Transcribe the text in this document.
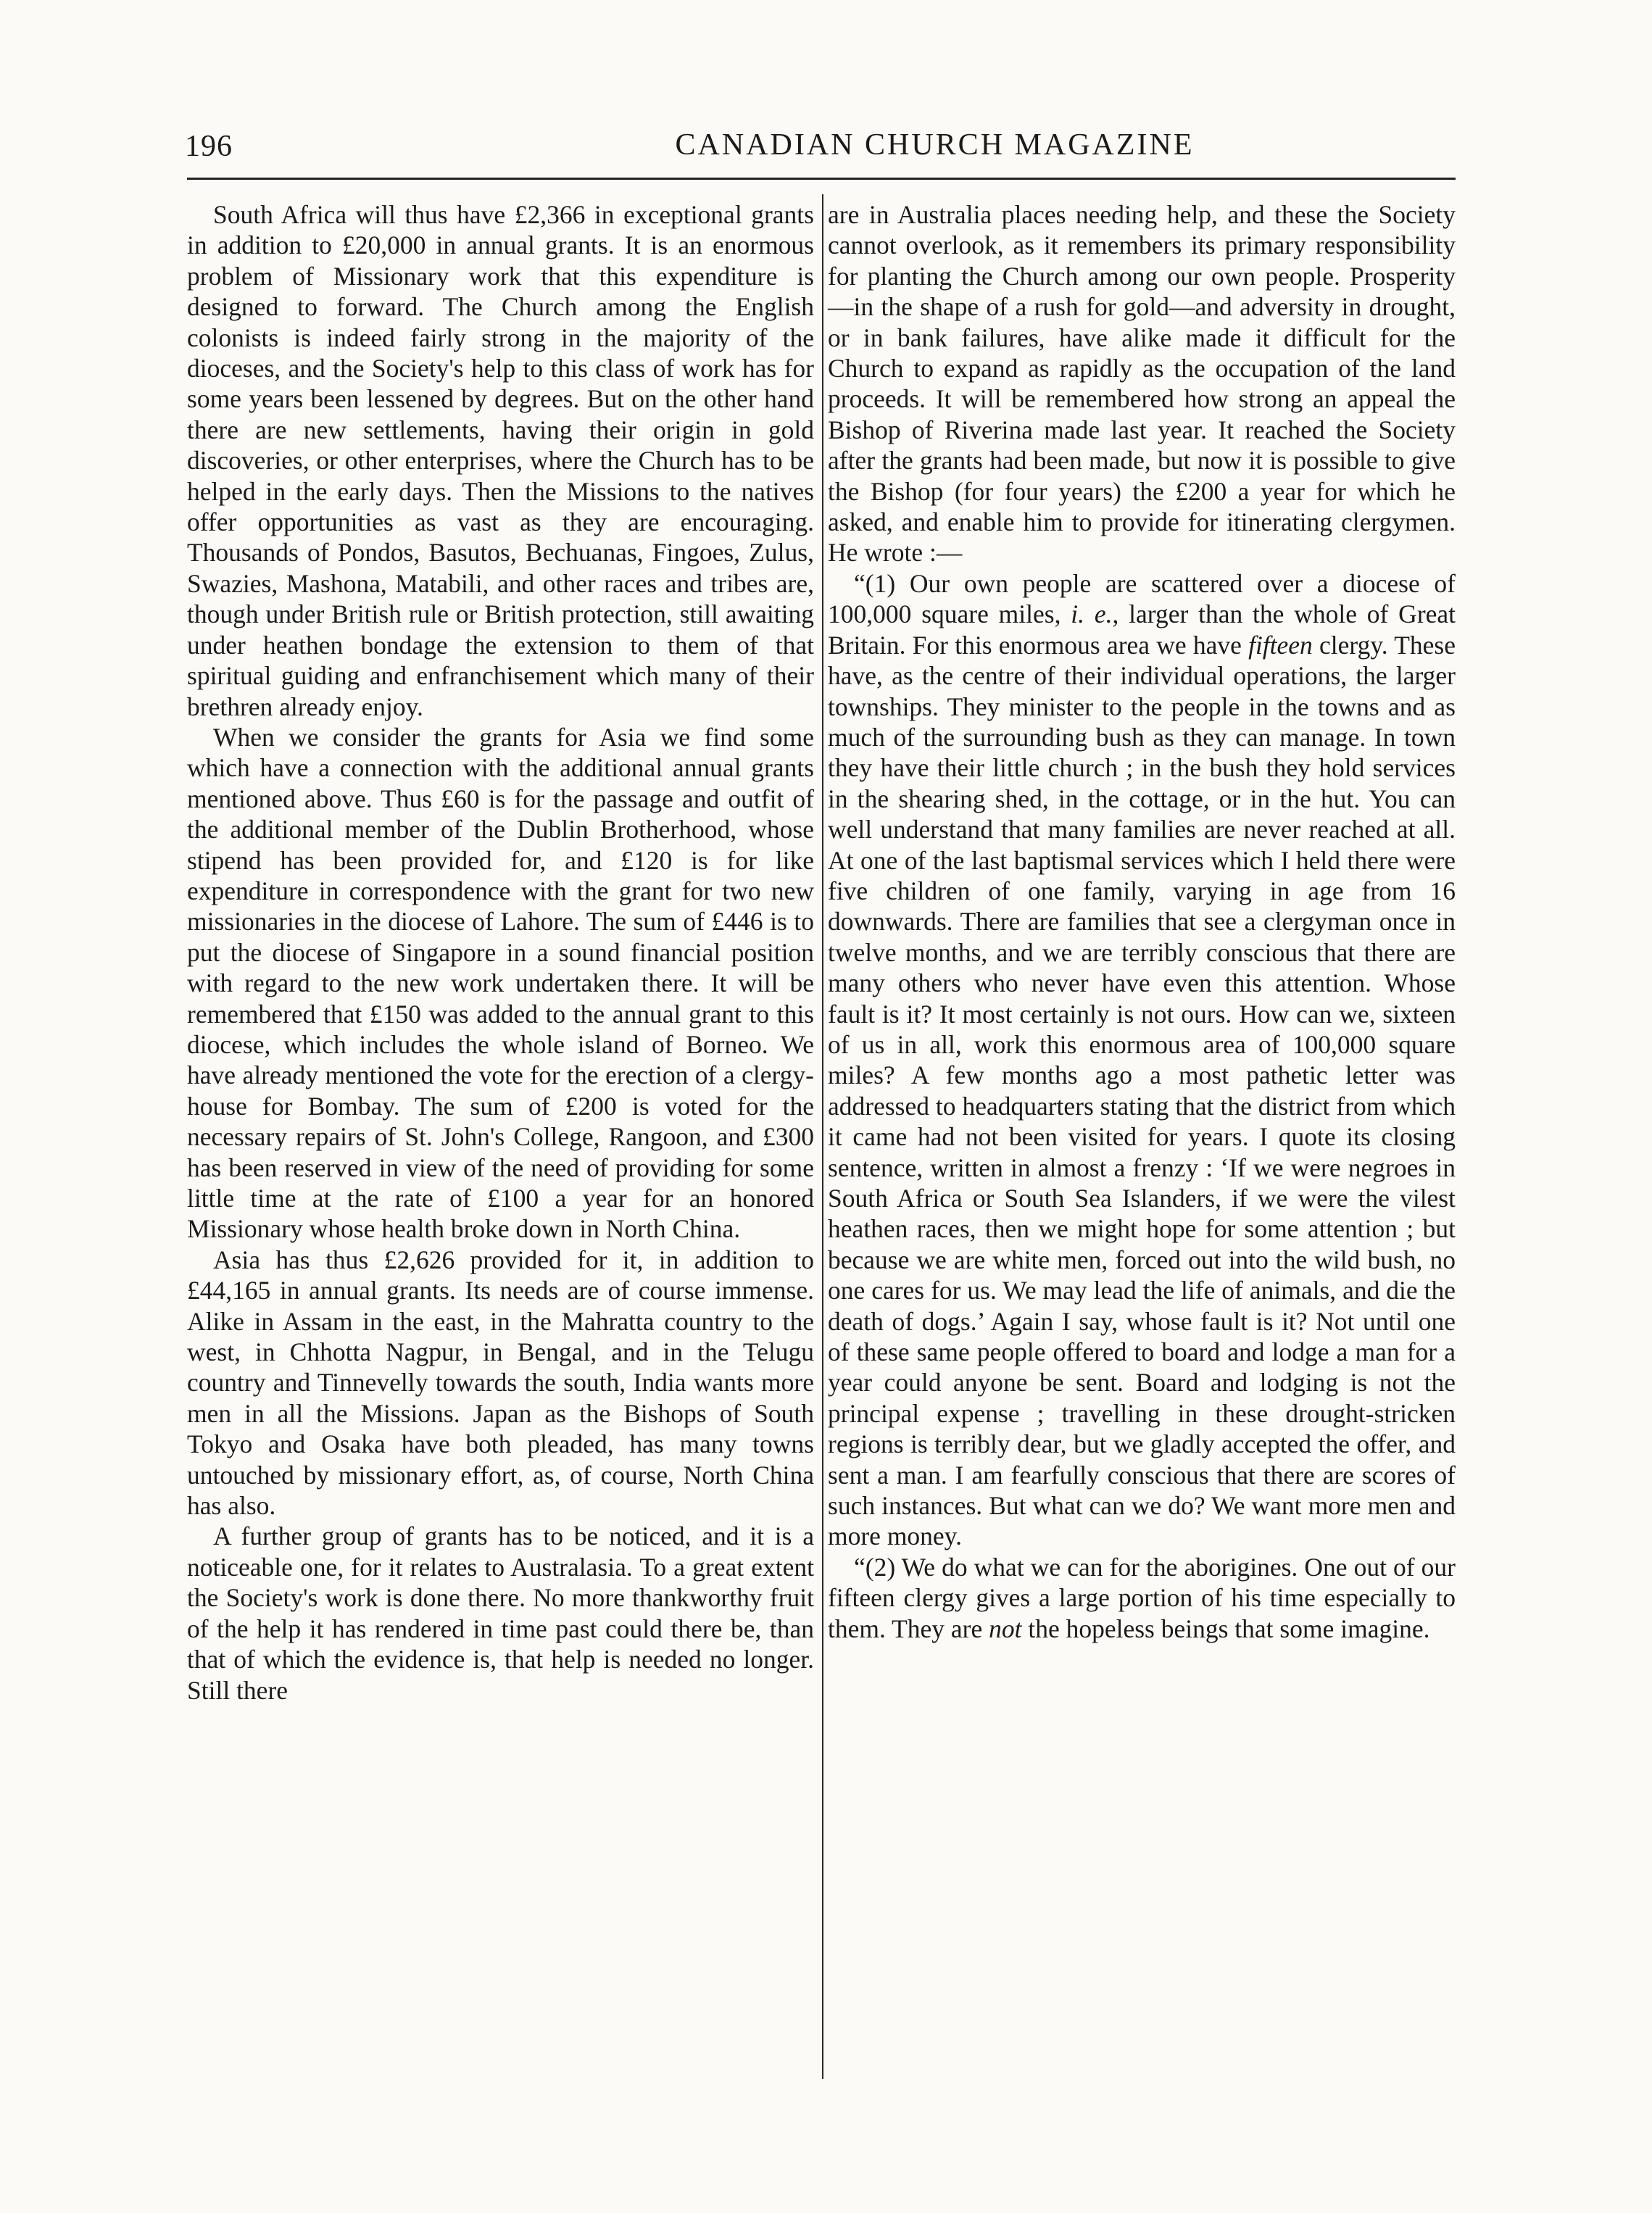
196	CANADIAN CHURCH MAGAZINE

South Africa will thus have £2,366 in exceptional grants in addition to £20,000 in annual grants. It is an enormous problem of Missionary work that this expenditure is designed to forward. The Church among the English colonists is indeed fairly strong in the majority of the dioceses, and the Society's help to this class of work has for some years been lessened by degrees. But on the other hand there are new settlements, having their origin in gold discoveries, or other enterprises, where the Church has to be helped in the early days. Then the Missions to the natives offer opportunities as vast as they are encouraging. Thousands of Pondos, Basutos, Bechuanas, Fingoes, Zulus, Swazies, Mashona, Matabili, and other races and tribes are, though under British rule or British protection, still awaiting under heathen bondage the extension to them of that spiritual guiding and enfranchisement which many of their brethren already enjoy.

When we consider the grants for Asia we find some which have a connection with the additional annual grants mentioned above. Thus £60 is for the passage and outfit of the additional member of the Dublin Brotherhood, whose stipend has been provided for, and £120 is for like expenditure in correspondence with the grant for two new missionaries in the diocese of Lahore. The sum of £446 is to put the diocese of Singapore in a sound financial position with regard to the new work undertaken there. It will be remembered that £150 was added to the annual grant to this diocese, which includes the whole island of Borneo. We have already mentioned the vote for the erection of a clergy-house for Bombay. The sum of £200 is voted for the necessary repairs of St. John's College, Rangoon, and £300 has been reserved in view of the need of providing for some little time at the rate of £100 a year for an honored Missionary whose health broke down in North China.

Asia has thus £2,626 provided for it, in addition to £44,165 in annual grants. Its needs are of course immense. Alike in Assam in the east, in the Mahratta country to the west, in Chhotta Nagpur, in Bengal, and in the Telugu country and Tinnevelly towards the south, India wants more men in all the Missions. Japan as the Bishops of South Tokyo and Osaka have both pleaded, has many towns untouched by missionary effort, as, of course, North China has also.

A further group of grants has to be noticed, and it is a noticeable one, for it relates to Australasia. To a great extent the Society's work is done there. No more thankworthy fruit of the help it has rendered in time past could there be, than that of which the evidence is, that help is needed no longer. Still there

are in Australia places needing help, and these the Society cannot overlook, as it remembers its primary responsibility for planting the Church among our own people. Prosperity—in the shape of a rush for gold—and adversity in drought, or in bank failures, have alike made it difficult for the Church to expand as rapidly as the occupation of the land proceeds. It will be remembered how strong an appeal the Bishop of Riverina made last year. It reached the Society after the grants had been made, but now it is possible to give the Bishop (for four years) the £200 a year for which he asked, and enable him to provide for itinerating clergymen. He wrote :—

“(1) Our own people are scattered over a diocese of 100,000 square miles, i. e., larger than the whole of Great Britain. For this enormous area we have fifteen clergy. These have, as the centre of their individual operations, the larger townships. They minister to the people in the towns and as much of the surrounding bush as they can manage. In town they have their little church ; in the bush they hold services in the shearing shed, in the cottage, or in the hut. You can well understand that many families are never reached at all. At one of the last baptismal services which I held there were five children of one family, varying in age from 16 downwards. There are families that see a clergyman once in twelve months, and we are terribly conscious that there are many others who never have even this attention. Whose fault is it? It most certainly is not ours. How can we, sixteen of us in all, work this enormous area of 100,000 square miles? A few months ago a most pathetic letter was addressed to headquarters stating that the district from which it came had not been visited for years. I quote its closing sentence, written in almost a frenzy : ‘If we were negroes in South Africa or South Sea Islanders, if we were the vilest heathen races, then we might hope for some attention ; but because we are white men, forced out into the wild bush, no one cares for us. We may lead the life of animals, and die the death of dogs.’ Again I say, whose fault is it? Not until one of these same people offered to board and lodge a man for a year could anyone be sent. Board and lodging is not the principal expense ; travelling in these drought-stricken regions is terribly dear, but we gladly accepted the offer, and sent a man. I am fearfully conscious that there are scores of such instances. But what can we do? We want more men and more money.

“(2) We do what we can for the aborigines. One out of our fifteen clergy gives a large portion of his time especially to them. They are not the hopeless beings that some imagine.
